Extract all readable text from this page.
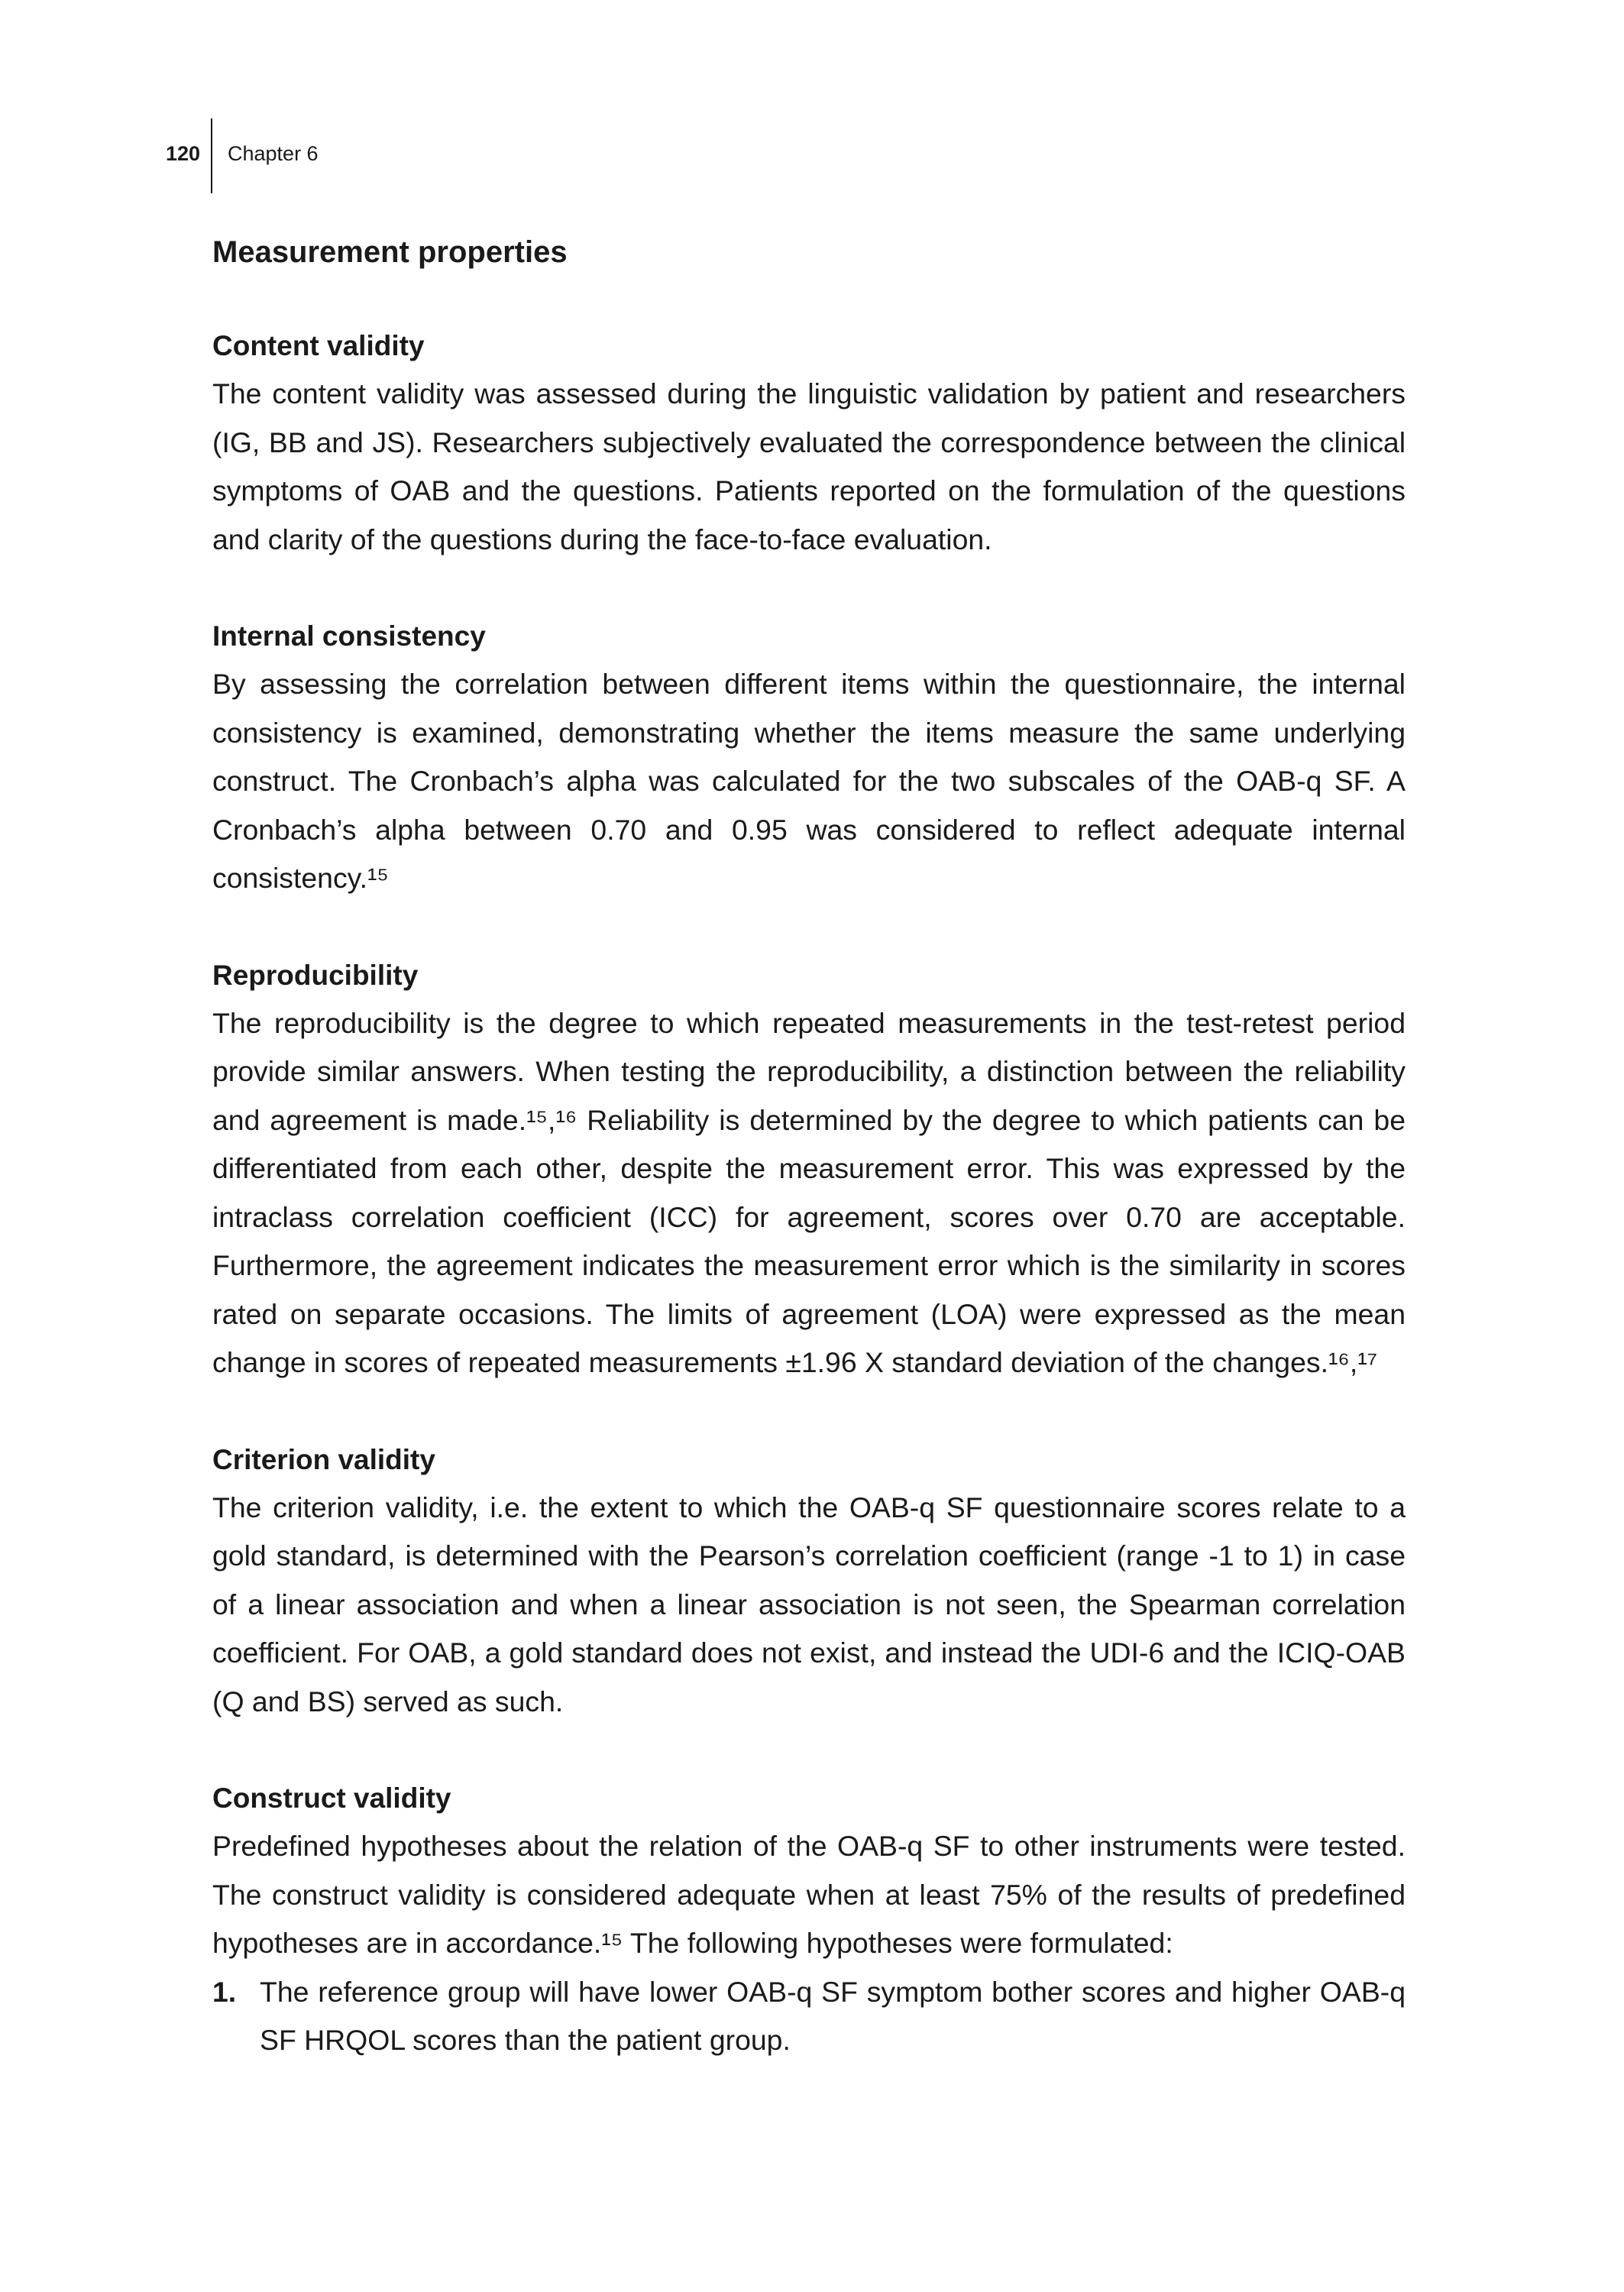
120 Chapter 6
Measurement properties
Content validity

The content validity was assessed during the linguistic validation by patient and researchers (IG, BB and JS). Researchers subjectively evaluated the correspondence between the clinical symptoms of OAB and the questions. Patients reported on the formulation of the questions and clarity of the questions during the face-to-face evaluation.

Internal consistency

By assessing the correlation between different items within the questionnaire, the internal consistency is examined, demonstrating whether the items measure the same underlying construct. The Cronbach’s alpha was calculated for the two subscales of the OAB-q SF. A Cronbach’s alpha between 0.70 and 0.95 was considered to reflect adequate internal consistency.¹⁵

Reproducibility

The reproducibility is the degree to which repeated measurements in the test-retest period provide similar answers. When testing the reproducibility, a distinction between the reliability and agreement is made.¹⁵,¹⁶ Reliability is determined by the degree to which patients can be differentiated from each other, despite the measurement error. This was expressed by the intraclass correlation coefficient (ICC) for agreement, scores over 0.70 are acceptable. Furthermore, the agreement indicates the measurement error which is the similarity in scores rated on separate occasions. The limits of agreement (LOA) were expressed as the mean change in scores of repeated measurements ±1.96 X standard deviation of the changes.¹⁶,¹⁷

Criterion validity

The criterion validity, i.e. the extent to which the OAB-q SF questionnaire scores relate to a gold standard, is determined with the Pearson’s correlation coefficient (range -1 to 1) in case of a linear association and when a linear association is not seen, the Spearman correlation coefficient. For OAB, a gold standard does not exist, and instead the UDI-6 and the ICIQ-OAB (Q and BS) served as such.

Construct validity

Predefined hypotheses about the relation of the OAB-q SF to other instruments were tested. The construct validity is considered adequate when at least 75% of the results of predefined hypotheses are in accordance.¹⁵ The following hypotheses were formulated:

1. The reference group will have lower OAB-q SF symptom bother scores and higher OAB-q SF HRQOL scores than the patient group.
